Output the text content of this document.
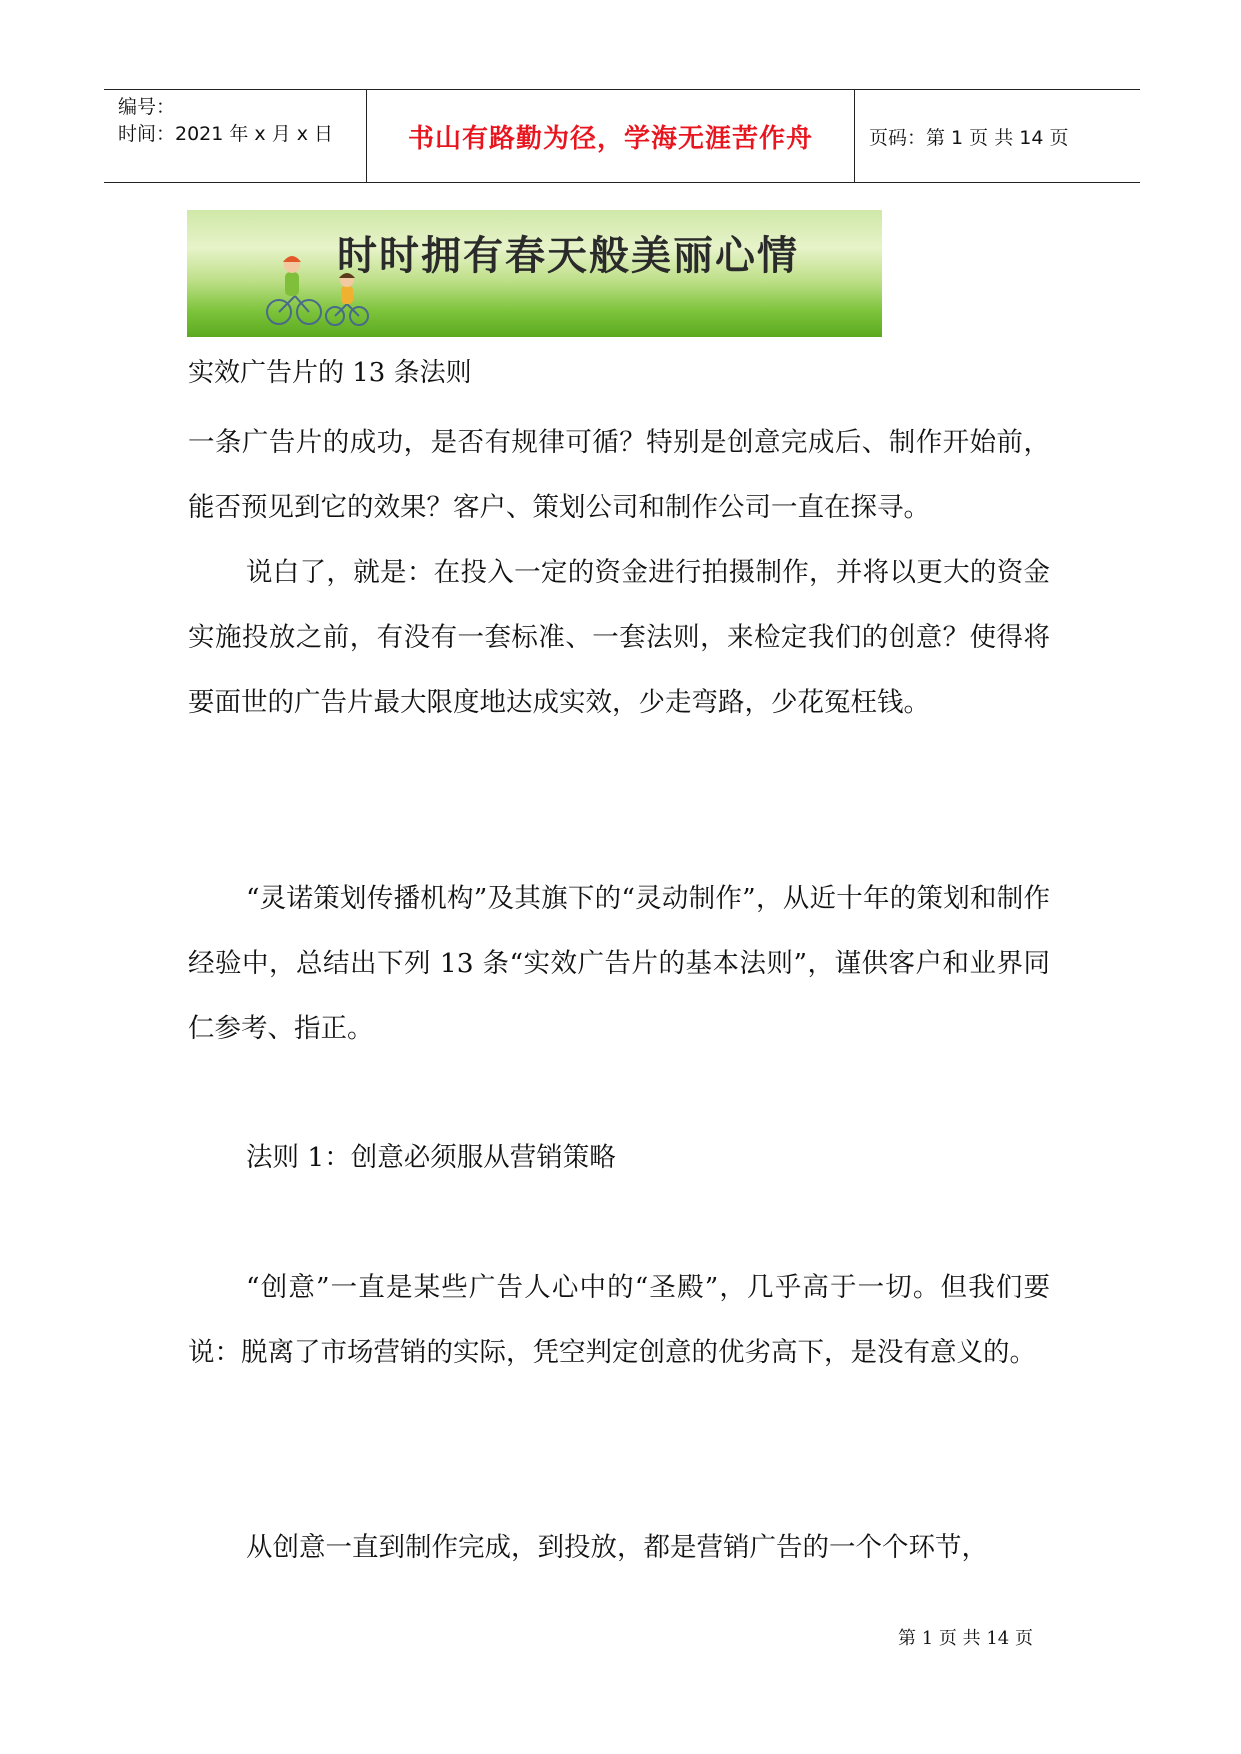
编号：
时间：2021 年 x 月 x 日	书山有路勤为径，学海无涯苦作舟	页码：第 1 页 共 14 页
时时拥有春天般美丽心情
实效广告片的 13 条法则
一条广告片的成功，是否有规律可循？特别是创意完成后、制作开始前，能否预见到它的效果？客户、策划公司和制作公司一直在探寻。
说白了，就是：在投入一定的资金进行拍摄制作，并将以更大的资金实施投放之前，有没有一套标准、一套法则，来检定我们的创意？使得将要面世的广告片最大限度地达成实效，少走弯路，少花冤枉钱。
“灵诺策划传播机构”及其旗下的“灵动制作”，从近十年的策划和制作经验中，总结出下列 13 条“实效广告片的基本法则”，谨供客户和业界同仁参考、指正。
法则 1：创意必须服从营销策略
“创意”一直是某些广告人心中的“圣殿”，几乎高于一切。但我们要说：脱离了市场营销的实际，凭空判定创意的优劣高下，是没有意义的。
从创意一直到制作完成，到投放，都是营销广告的一个个环节，
第 1 页 共 14 页
